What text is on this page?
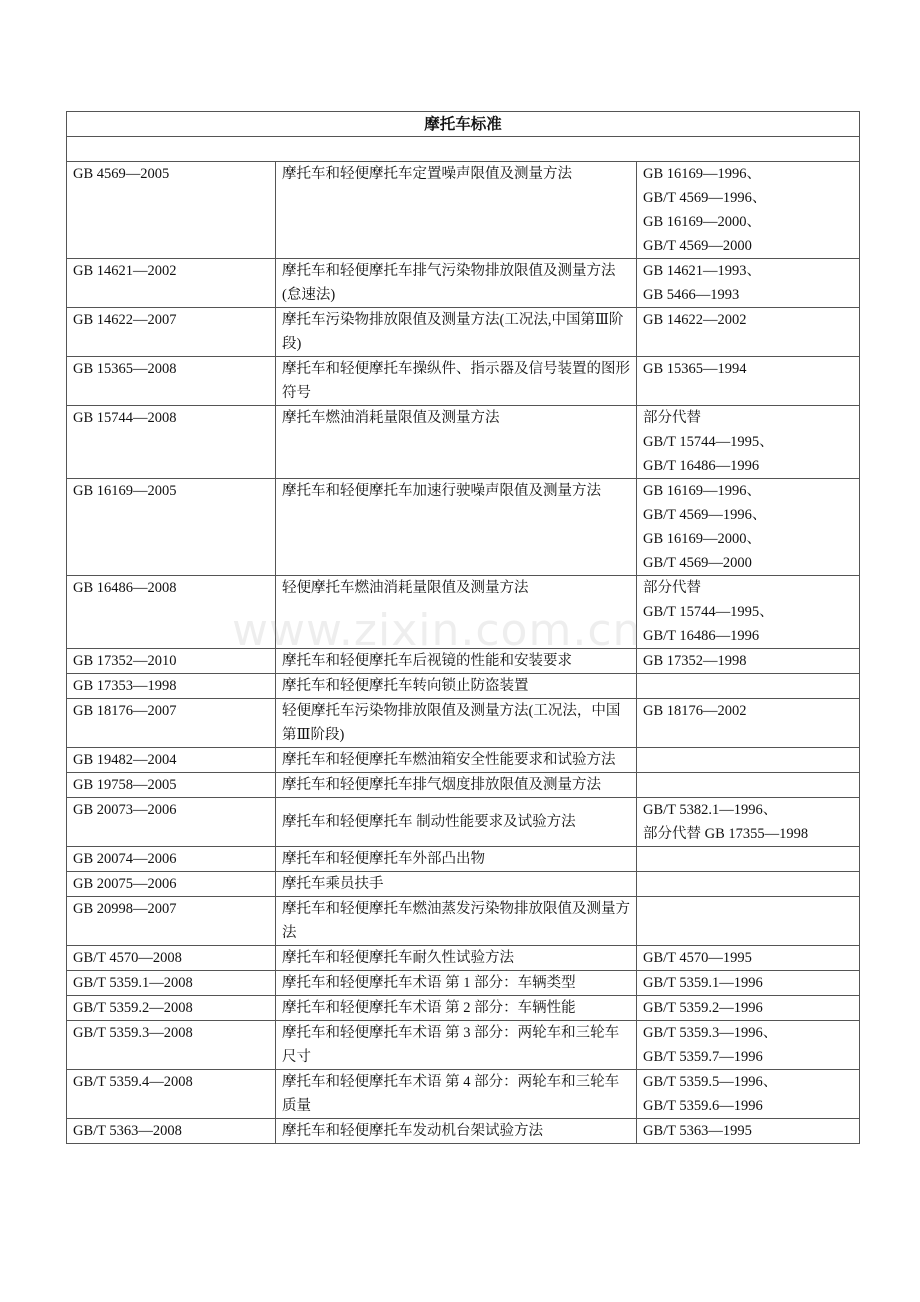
摩托车标准		

GB 4569—2005	摩托车和轻便摩托车定置噪声限值及测量方法	GB 16169—1996、
GB/T 4569—1996、
GB 16169—2000、
GB/T 4569—2000

GB 14621—2002	摩托车和轻便摩托车排气污染物排放限值及测量方法(怠速法)	GB 14621—1993、
GB 5466—1993

GB 14622—2007	摩托车污染物排放限值及测量方法(工况法,中国第Ⅲ阶段)	GB 14622—2002

GB 15365—2008	摩托车和轻便摩托车操纵件、指示器及信号装置的图形符号	GB 15365—1994

GB 15744—2008	摩托车燃油消耗量限值及测量方法	部分代替
GB/T 15744—1995、
GB/T 16486—1996

GB 16169—2005	摩托车和轻便摩托车加速行驶噪声限值及测量方法	GB 16169—1996、
GB/T 4569—1996、
GB 16169—2000、
GB/T 4569—2000

GB 16486—2008	轻便摩托车燃油消耗量限值及测量方法	部分代替
GB/T 15744—1995、
GB/T 16486—1996

GB 17352—2010	摩托车和轻便摩托车后视镜的性能和安装要求	GB 17352—1998

GB 17353—1998	摩托车和轻便摩托车转向锁止防盗装置	
GB 18176—2007	轻便摩托车污染物排放限值及测量方法(工况法，中国第Ⅲ阶段)	GB 18176—2002

GB 19482—2004	摩托车和轻便摩托车燃油箱安全性能要求和试验方法	
GB 19758—2005	摩托车和轻便摩托车排气烟度排放限值及测量方法	
GB 20073—2006	摩托车和轻便摩托车 制动性能要求及试验方法	GB/T 5382.1—1996、
部分代替 GB 17355—1998

GB 20074—2006	摩托车和轻便摩托车外部凸出物	
GB 20075—2006	摩托车乘员扶手	
GB 20998—2007	摩托车和轻便摩托车燃油蒸发污染物排放限值及测量方法	
GB/T 4570—2008	摩托车和轻便摩托车耐久性试验方法	GB/T 4570—1995

GB/T 5359.1—2008	摩托车和轻便摩托车术语 第 1 部分：车辆类型	GB/T 5359.1—1996

GB/T 5359.2—2008	摩托车和轻便摩托车术语 第 2 部分：车辆性能	GB/T 5359.2—1996

GB/T 5359.3—2008	摩托车和轻便摩托车术语 第 3 部分：两轮车和三轮车尺寸	GB/T 5359.3—1996、
GB/T 5359.7—1996

GB/T 5359.4—2008	摩托车和轻便摩托车术语 第 4 部分：两轮车和三轮车质量	GB/T 5359.5—1996、
GB/T 5359.6—1996

GB/T 5363—2008	摩托车和轻便摩托车发动机台架试验方法	GB/T 5363—1995
www.zixin.com.cn
